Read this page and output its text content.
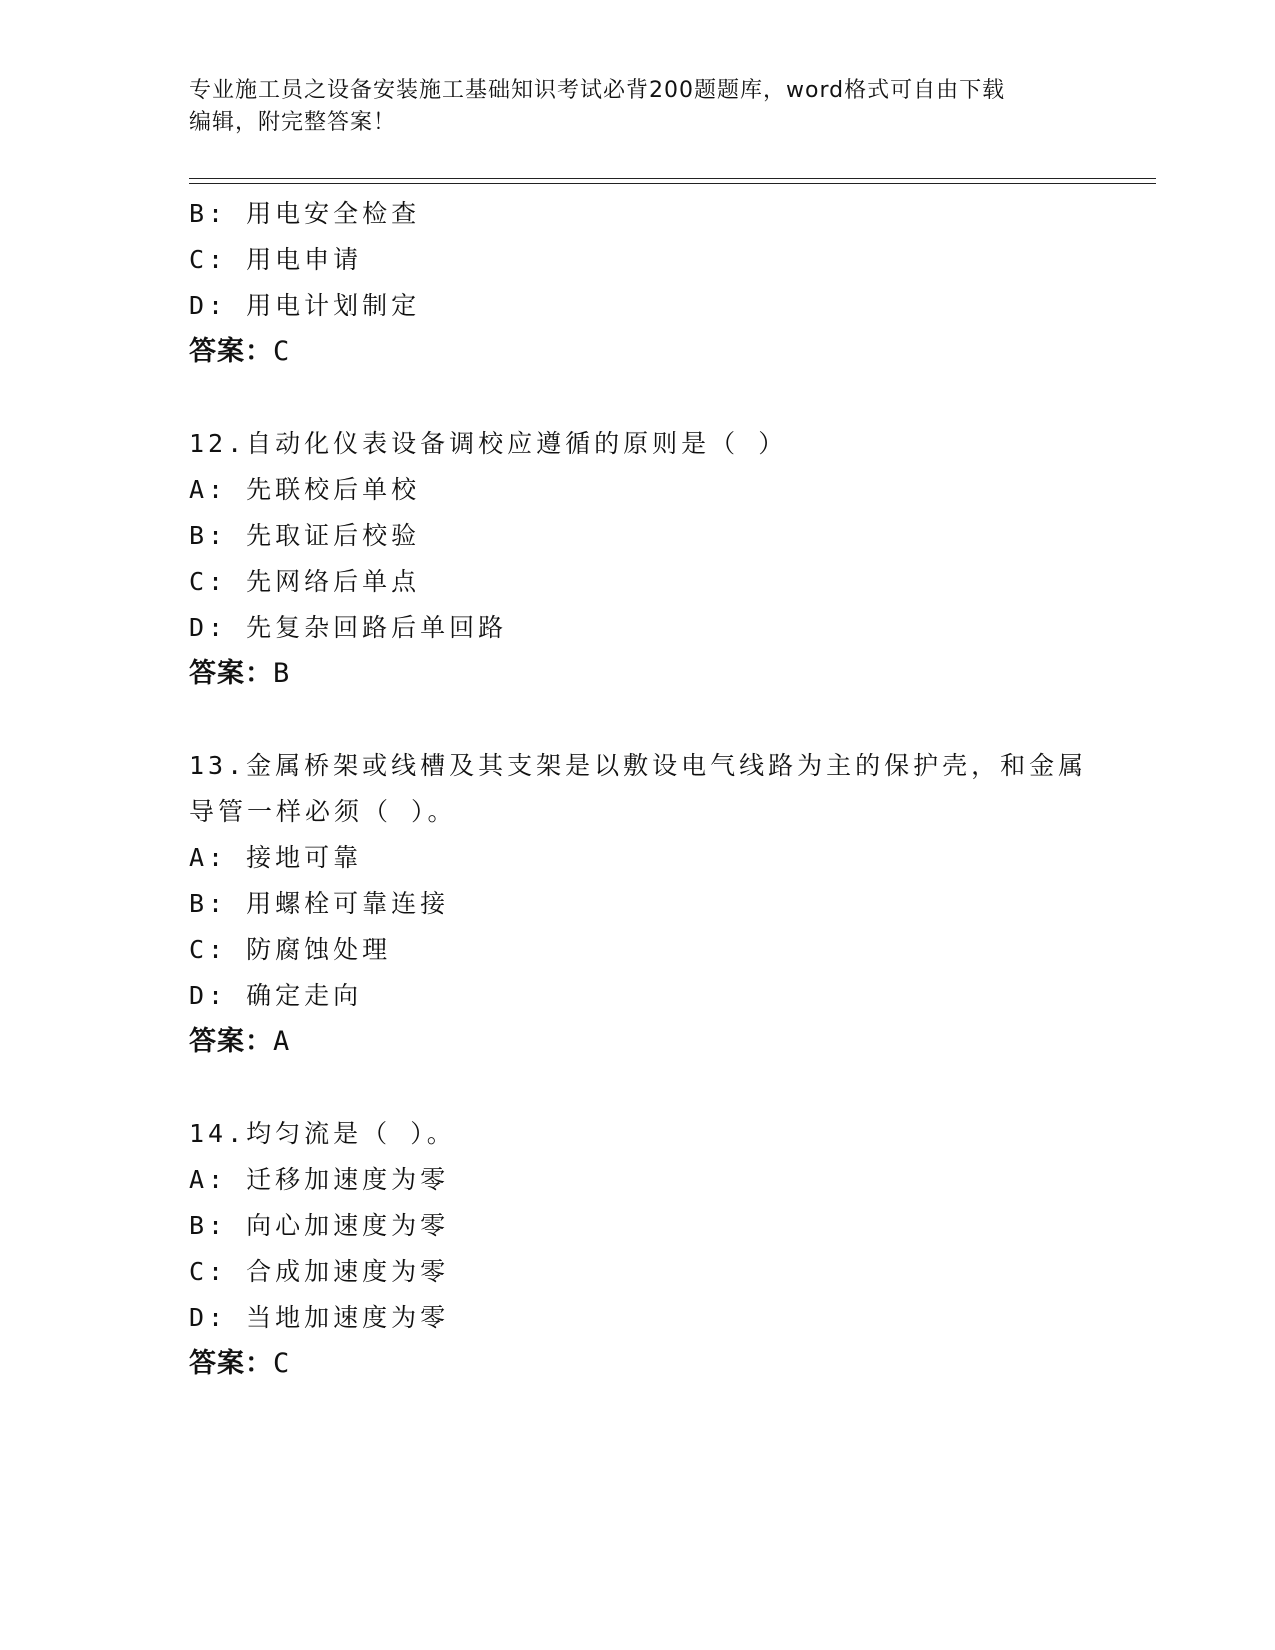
专业施工员之设备安装施工基础知识考试必背200题题库，word格式可自由下载
编辑，附完整答案！
B: 用电安全检查
C: 用电申请
D: 用电计划制定
答案：C
12.自动化仪表设备调校应遵循的原则是（ ）
A: 先联校后单校
B: 先取证后校验
C: 先网络后单点
D: 先复杂回路后单回路
答案：B
13.金属桥架或线槽及其支架是以敷设电气线路为主的保护壳，和金属导管一样必须（ ）。
A: 接地可靠
B: 用螺栓可靠连接
C: 防腐蚀处理
D: 确定走向
答案：A
14.均匀流是（ ）。
A: 迁移加速度为零
B: 向心加速度为零
C: 合成加速度为零
D: 当地加速度为零
答案：C
